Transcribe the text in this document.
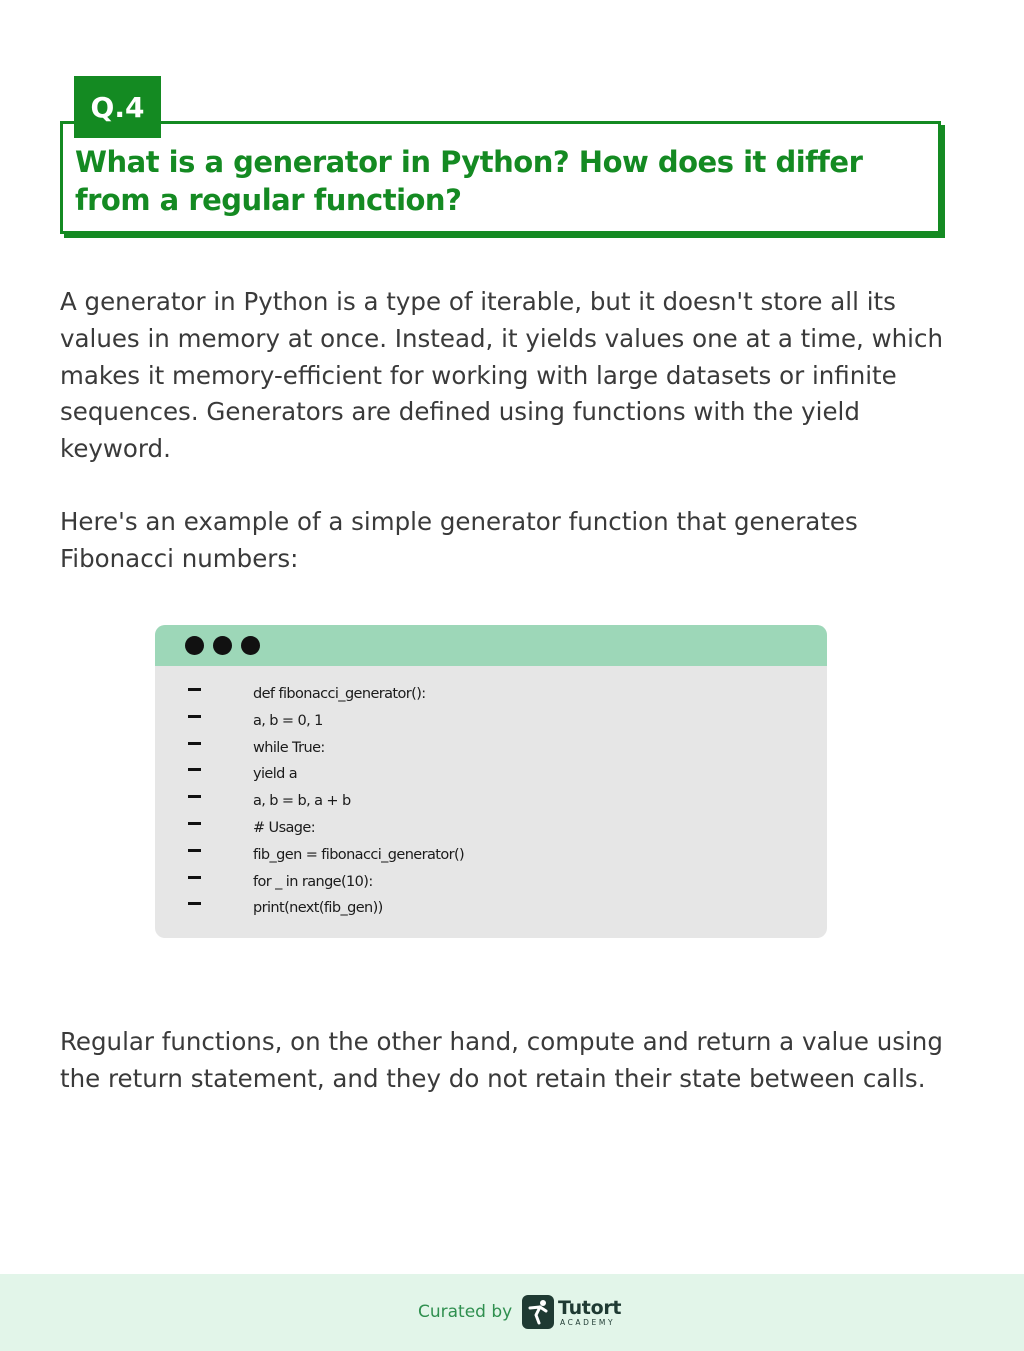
Q.4
What is a generator in Python? How does it differ from a regular function?

A generator in Python is a type of iterable, but it doesn't store all its values in memory at once. Instead, it yields values one at a time, which makes it memory-efficient for working with large datasets or infinite sequences. Generators are defined using functions with the yield keyword.

Here's an example of a simple generator function that generates Fibonacci numbers:

def fibonacci_generator():
a, b = 0, 1
while True:
yield a
a, b = b, a + b
# Usage:
fib_gen = fibonacci_generator()
for _ in range(10):
print(next(fib_gen))

Regular functions, on the other hand, compute and return a value using the return statement, and they do not retain their state between calls.

Curated by Tutort
ACADEMY
